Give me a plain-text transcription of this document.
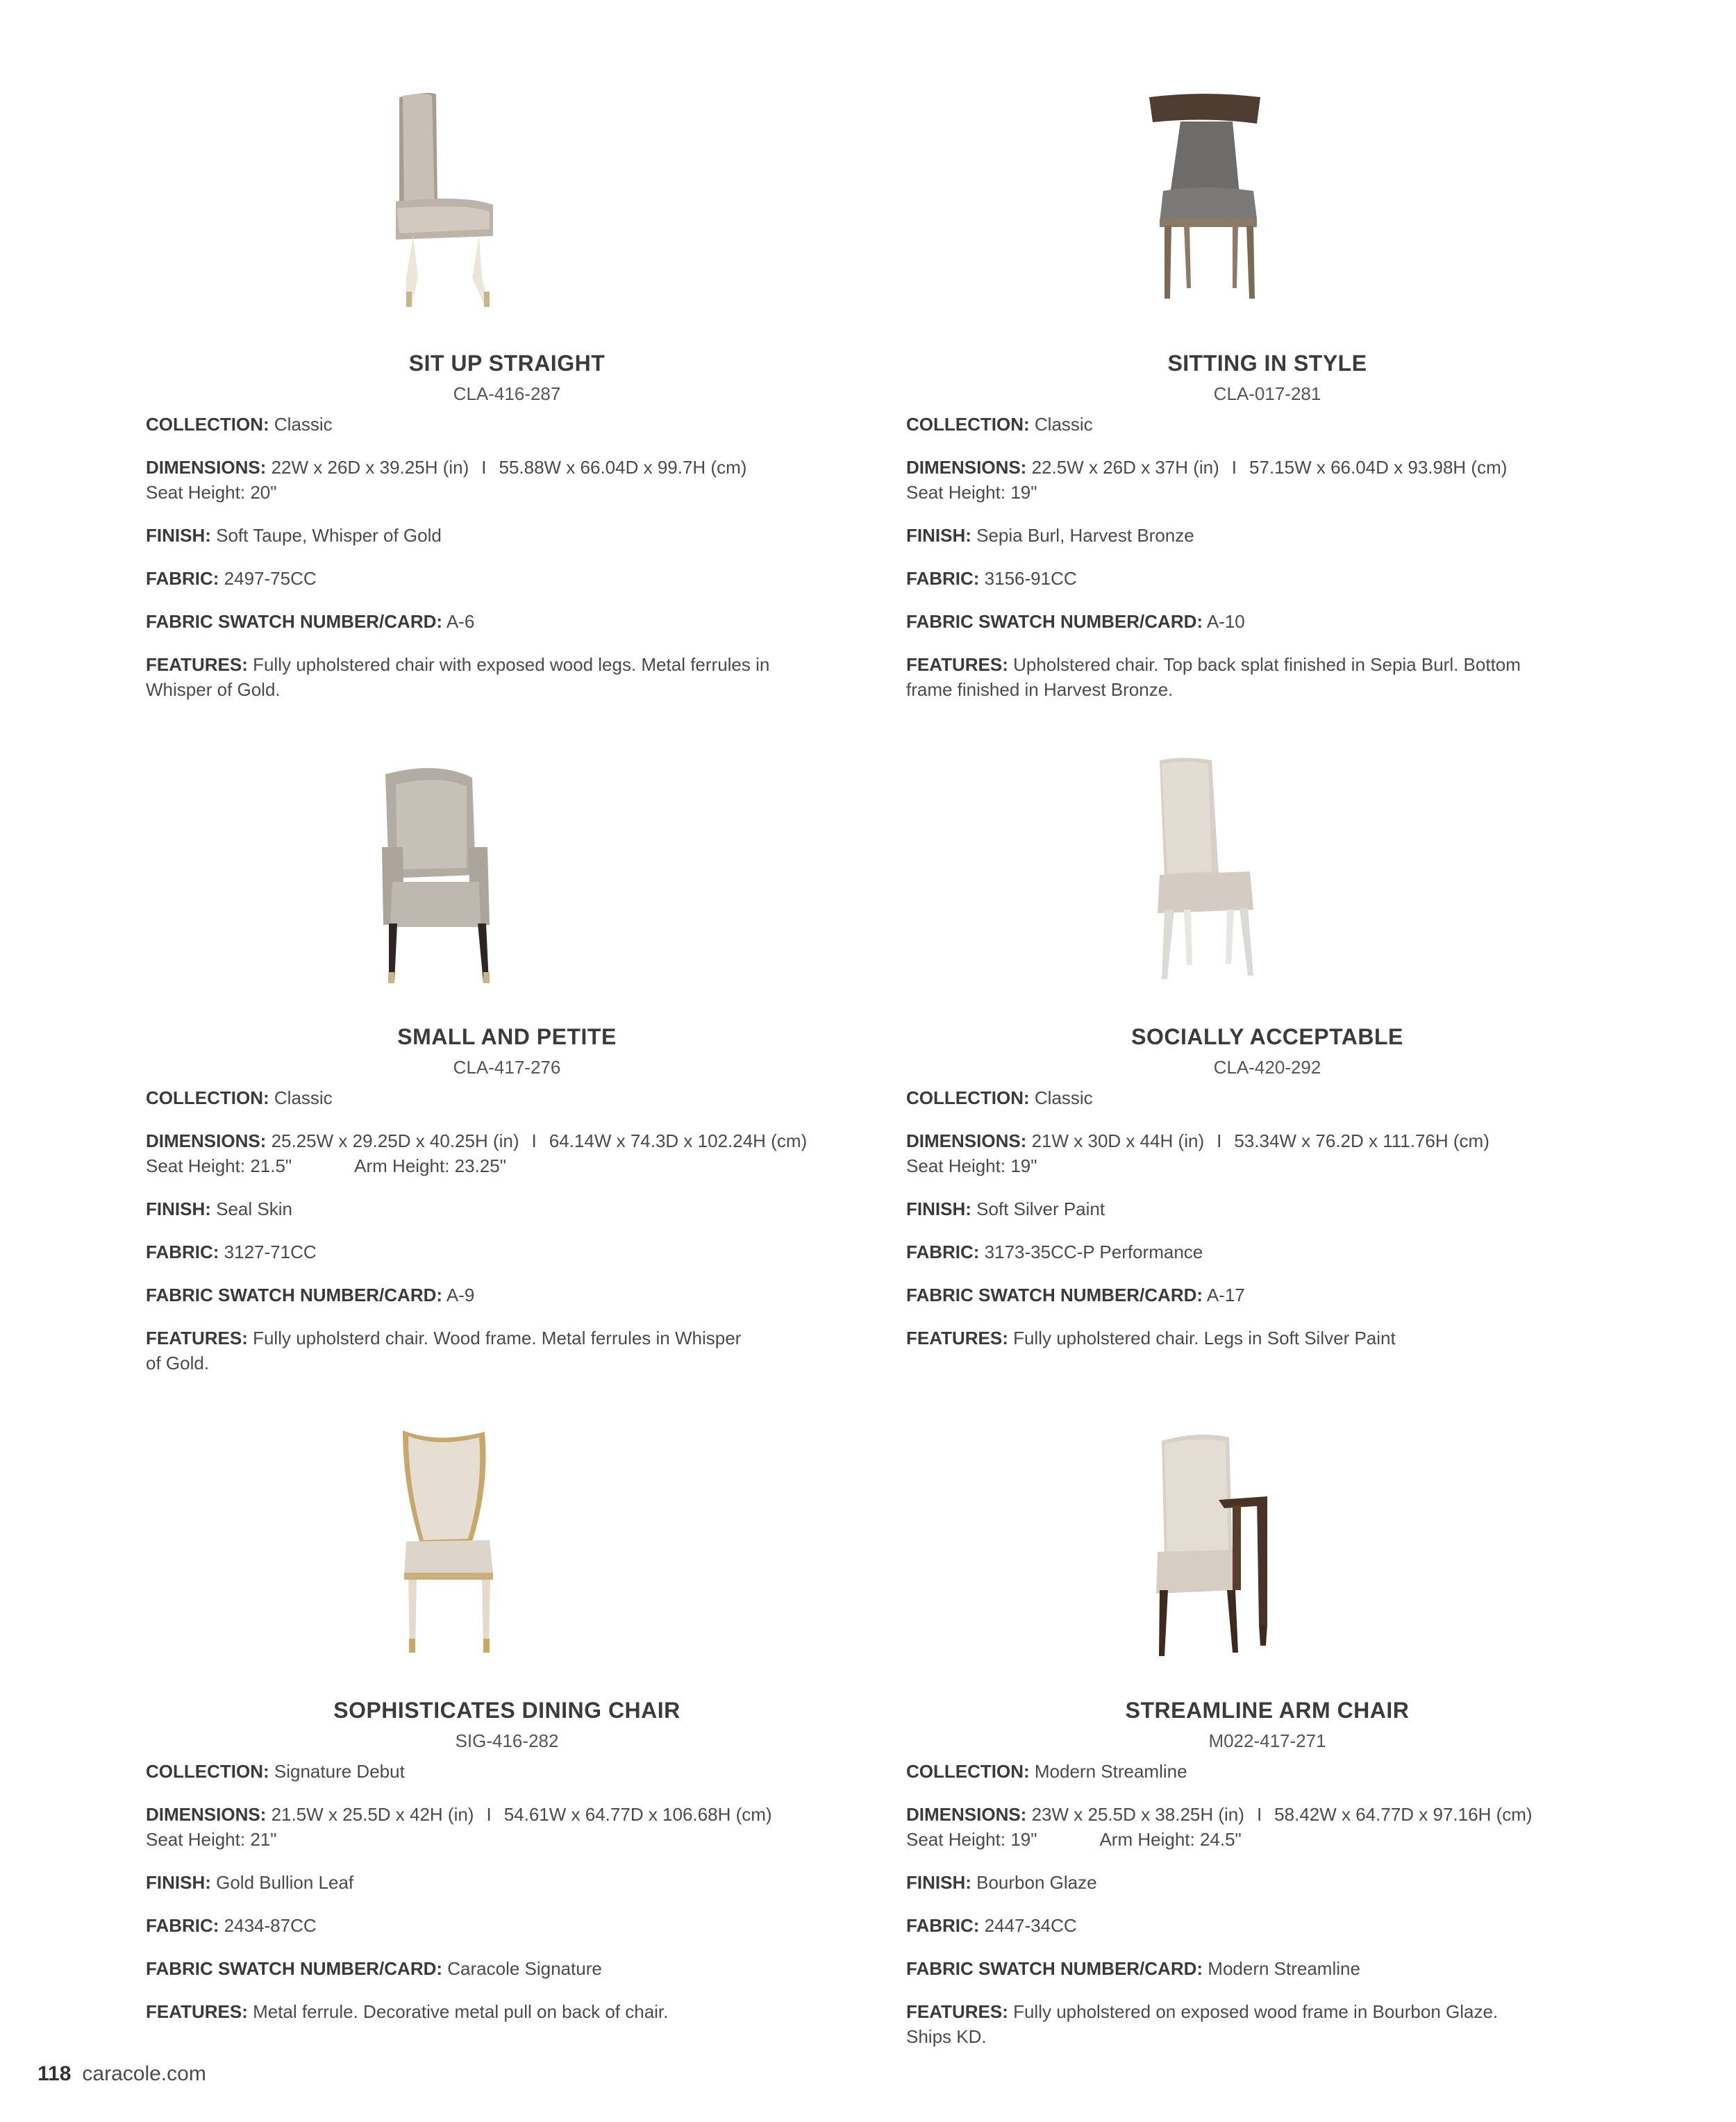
SIT UP STRAIGHT
CLA-416-287
COLLECTION: Classic
DIMENSIONS: 22W x 26D x 39.25H (in) I 55.88W x 66.04D x 99.7H (cm)
Seat Height: 20"
FINISH: Soft Taupe, Whisper of Gold
FABRIC: 2497-75CC
FABRIC SWATCH NUMBER/CARD: A-6
FEATURES: Fully upholstered chair with exposed wood legs. Metal ferrules in
Whisper of Gold.
SITTING IN STYLE
CLA-017-281
COLLECTION: Classic
DIMENSIONS: 22.5W x 26D x 37H (in) I 57.15W x 66.04D x 93.98H (cm)
Seat Height: 19"
FINISH: Sepia Burl, Harvest Bronze
FABRIC: 3156-91CC
FABRIC SWATCH NUMBER/CARD: A-10
FEATURES: Upholstered chair. Top back splat finished in Sepia Burl. Bottom
frame finished in Harvest Bronze.
SMALL AND PETITE
CLA-417-276
COLLECTION: Classic
DIMENSIONS: 25.25W x 29.25D x 40.25H (in) I 64.14W x 74.3D x 102.24H (cm)
Seat Height: 21.5"	Arm Height: 23.25"
FINISH: Seal Skin
FABRIC: 3127-71CC
FABRIC SWATCH NUMBER/CARD: A-9
FEATURES: Fully upholsterd chair. Wood frame. Metal ferrules in Whisper
of Gold.
SOCIALLY ACCEPTABLE
CLA-420-292
COLLECTION: Classic
DIMENSIONS: 21W x 30D x 44H (in) I 53.34W x 76.2D x 111.76H (cm)
Seat Height: 19"
FINISH: Soft Silver Paint
FABRIC: 3173-35CC-P Performance
FABRIC SWATCH NUMBER/CARD: A-17
FEATURES: Fully upholstered chair. Legs in Soft Silver Paint
SOPHISTICATES DINING CHAIR
SIG-416-282
COLLECTION: Signature Debut
DIMENSIONS: 21.5W x 25.5D x 42H (in) I 54.61W x 64.77D x 106.68H (cm)
Seat Height: 21"
FINISH: Gold Bullion Leaf
FABRIC: 2434-87CC
FABRIC SWATCH NUMBER/CARD: Caracole Signature
FEATURES: Metal ferrule. Decorative metal pull on back of chair.
STREAMLINE ARM CHAIR
M022-417-271
COLLECTION: Modern Streamline
DIMENSIONS: 23W x 25.5D x 38.25H (in) I 58.42W x 64.77D x 97.16H (cm)
Seat Height: 19"	Arm Height: 24.5"
FINISH: Bourbon Glaze
FABRIC: 2447-34CC
FABRIC SWATCH NUMBER/CARD: Modern Streamline
FEATURES: Fully upholstered on exposed wood frame in Bourbon Glaze.
Ships KD.
118 caracole.com
